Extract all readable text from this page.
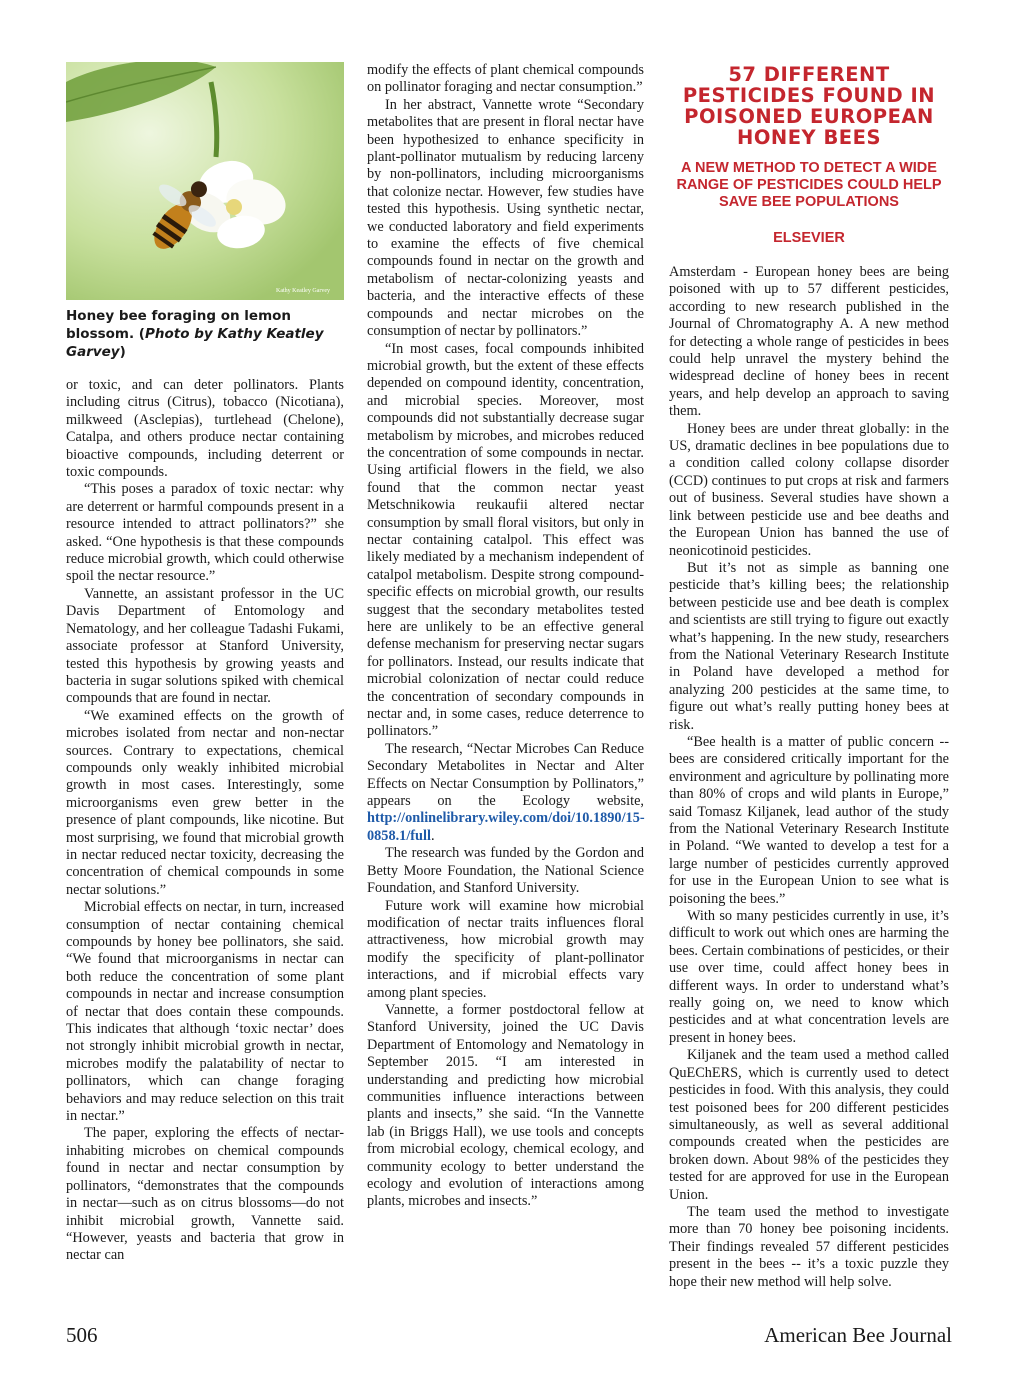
Kathy Keatley Garvey
Honey bee foraging on lemon blossom. (Photo by Kathy Keatley Garvey)

or toxic, and can deter pollinators. Plants including citrus (Citrus), tobacco (Nicotiana), milkweed (Asclepias), turtlehead (Chelone), Catalpa, and others produce nectar containing bioactive compounds, including deterrent or toxic compounds.

“This poses a paradox of toxic nectar: why are deterrent or harmful compounds present in a resource intended to attract pollinators?” she asked. “One hypothesis is that these compounds reduce microbial growth, which could otherwise spoil the nectar resource.”

Vannette, an assistant professor in the UC Davis Department of Entomology and Nematology, and her colleague Tadashi Fukami, associate professor at Stanford University, tested this hypothesis by growing yeasts and bacteria in sugar solutions spiked with chemical compounds that are found in nectar.

“We examined effects on the growth of microbes isolated from nectar and non-nectar sources. Contrary to expectations, chemical compounds only weakly inhibited microbial growth in most cases. Interestingly, some microorganisms even grew better in the presence of plant compounds, like nicotine. But most surprising, we found that microbial growth in nectar reduced nectar toxicity, decreasing the concentration of chemical compounds in some nectar solutions.”

Microbial effects on nectar, in turn, increased consumption of nectar containing chemical compounds by honey bee pollinators, she said. “We found that microorganisms in nectar can both reduce the concentration of some plant compounds in nectar and increase consumption of nectar that does contain these compounds. This indicates that although ‘toxic nectar’ does not strongly inhibit microbial growth in nectar, microbes modify the palatability of nectar to pollinators, which can change foraging behaviors and may reduce selection on this trait in nectar.”

The paper, exploring the effects of nectar-inhabiting microbes on chemical compounds found in nectar and nectar consumption by pollinators, “demonstrates that the compounds in nectar—such as on citrus blossoms—do not inhibit microbial growth, Vannette said. “However, yeasts and bacteria that grow in nectar can

modify the effects of plant chemical compounds on pollinator foraging and nectar consumption.”

In her abstract, Vannette wrote “Secondary metabolites that are present in floral nectar have been hypothesized to enhance specificity in plant-pollinator mutualism by reducing larceny by non-pollinators, including microorganisms that colonize nectar. However, few studies have tested this hypothesis. Using synthetic nectar, we conducted laboratory and field experiments to examine the effects of five chemical compounds found in nectar on the growth and metabolism of nectar-colonizing yeasts and bacteria, and the interactive effects of these compounds and nectar microbes on the consumption of nectar by pollinators.”

“In most cases, focal compounds inhibited microbial growth, but the extent of these effects depended on compound identity, concentration, and microbial species. Moreover, most compounds did not substantially decrease sugar metabolism by microbes, and microbes reduced the concentration of some compounds in nectar. Using artificial flowers in the field, we also found that the common nectar yeast Metschnikowia reukaufii altered nectar consumption by small floral visitors, but only in nectar containing catalpol. This effect was likely mediated by a mechanism independent of catalpol metabolism. Despite strong compound-specific effects on microbial growth, our results suggest that the secondary metabolites tested here are unlikely to be an effective general defense mechanism for preserving nectar sugars for pollinators. Instead, our results indicate that microbial colonization of nectar could reduce the concentration of secondary compounds in nectar and, in some cases, reduce deterrence to pollinators.”

The research, “Nectar Microbes Can Reduce Secondary Metabolites in Nectar and Alter Effects on Nectar Consumption by Pollinators,” appears on the Ecology website, http://onlinelibrary.wiley.com/doi/10.1890/15-0858.1/full.

The research was funded by the Gordon and Betty Moore Foundation, the National Science Foundation, and Stanford University.

Future work will examine how microbial modification of nectar traits influences floral attractiveness, how microbial growth may modify the specificity of plant-pollinator interactions, and if microbial effects vary among plant species.

Vannette, a former postdoctoral fellow at Stanford University, joined the UC Davis Department of Entomology and Nematology in September 2015. “I am interested in understanding and predicting how microbial communities influence interactions between plants and insects,” she said. “In the Vannette lab (in Briggs Hall), we use tools and concepts from microbial ecology, chemical ecology, and community ecology to better understand the ecology and evolution of interactions among plants, microbes and insects.”

57 DIFFERENT PESTICIDES FOUND IN POISONED EUROPEAN HONEY BEES
A NEW METHOD TO DETECT A WIDE RANGE OF PESTICIDES COULD HELP SAVE BEE POPULATIONS
ELSEVIER

Amsterdam - European honey bees are being poisoned with up to 57 different pesticides, according to new research published in the Journal of Chromatography A. A new method for detecting a whole range of pesticides in bees could help unravel the mystery behind the widespread decline of honey bees in recent years, and help develop an approach to saving them.

Honey bees are under threat globally: in the US, dramatic declines in bee populations due to a condition called colony collapse disorder (CCD) continues to put crops at risk and farmers out of business. Several studies have shown a link between pesticide use and bee deaths and the European Union has banned the use of neonicotinoid pesticides.

But it’s not as simple as banning one pesticide that’s killing bees; the relationship between pesticide use and bee death is complex and scientists are still trying to figure out exactly what’s happening. In the new study, researchers from the National Veterinary Research Institute in Poland have developed a method for analyzing 200 pesticides at the same time, to figure out what’s really putting honey bees at risk.

“Bee health is a matter of public concern -- bees are considered critically important for the environment and agriculture by pollinating more than 80% of crops and wild plants in Europe,” said Tomasz Kiljanek, lead author of the study from the National Veterinary Research Institute in Poland. “We wanted to develop a test for a large number of pesticides currently approved for use in the European Union to see what is poisoning the bees.”

With so many pesticides currently in use, it’s difficult to work out which ones are harming the bees. Certain combinations of pesticides, or their use over time, could affect honey bees in different ways. In order to understand what’s really going on, we need to know which pesticides and at what concentration levels are present in honey bees.

Kiljanek and the team used a method called QuEChERS, which is currently used to detect pesticides in food. With this analysis, they could test poisoned bees for 200 different pesticides simultaneously, as well as several additional compounds created when the pesticides are broken down. About 98% of the pesticides they tested for are approved for use in the European Union.

The team used the method to investigate more than 70 honey bee poisoning incidents. Their findings revealed 57 different pesticides present in the bees -- it’s a toxic puzzle they hope their new method will help solve.

506	American Bee Journal
